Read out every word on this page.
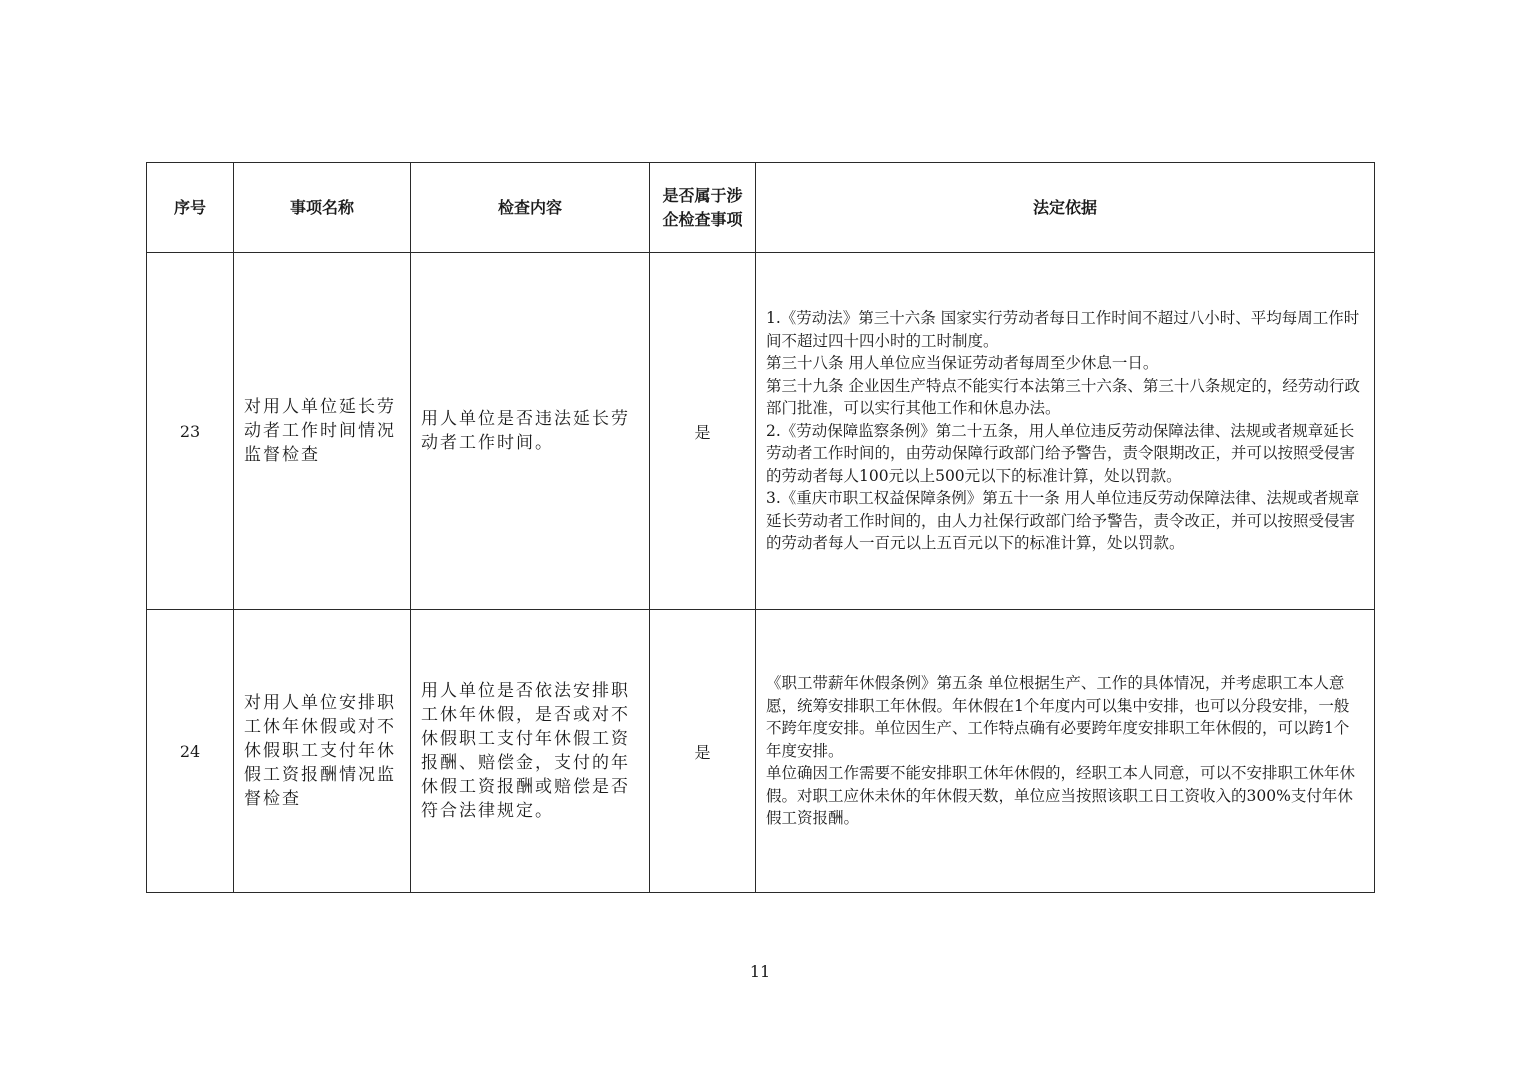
序号	事项名称	检查内容	是否属于涉企检查事项	法定依据
23	对用人单位延长劳动者工作时间情况监督检查	用人单位是否违法延长劳动者工作时间。	是	1.《劳动法》第三十六条 国家实行劳动者每日工作时间不超过八小时、平均每周工作时间不超过四十四小时的工时制度。

第三十八条 用人单位应当保证劳动者每周至少休息一日。

第三十九条 企业因生产特点不能实行本法第三十六条、第三十八条规定的，经劳动行政部门批准，可以实行其他工作和休息办法。

2.《劳动保障监察条例》第二十五条，用人单位违反劳动保障法律、法规或者规章延长劳动者工作时间的，由劳动保障行政部门给予警告，责令限期改正，并可以按照受侵害的劳动者每人100元以上500元以下的标准计算，处以罚款。

3.《重庆市职工权益保障条例》第五十一条 用人单位违反劳动保障法律、法规或者规章延长劳动者工作时间的，由人力社保行政部门给予警告，责令改正，并可以按照受侵害的劳动者每人一百元以上五百元以下的标准计算，处以罚款。

24	对用人单位安排职工休年休假或对不休假职工支付年休假工资报酬情况监督检查	用人单位是否依法安排职工休年休假，是否或对不休假职工支付年休假工资报酬、赔偿金，支付的年休假工资报酬或赔偿是否符合法律规定。	是	《职工带薪年休假条例》第五条 单位根据生产、工作的具体情况，并考虑职工本人意愿，统筹安排职工年休假。年休假在1个年度内可以集中安排，也可以分段安排，一般不跨年度安排。单位因生产、工作特点确有必要跨年度安排职工年休假的，可以跨1个年度安排。

单位确因工作需要不能安排职工休年休假的，经职工本人同意，可以不安排职工休年休假。对职工应休未休的年休假天数，单位应当按照该职工日工资收入的300%支付年休假工资报酬。

11
